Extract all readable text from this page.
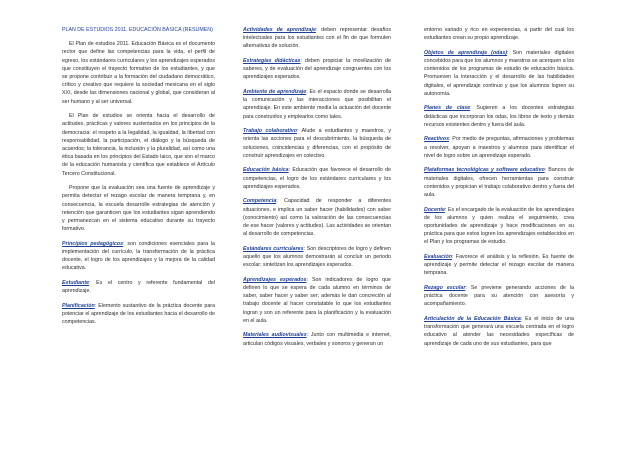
PLAN DE ESTUDIOS 2011. EDUCACIÓN BÁSICA (RESUMEN)

El Plan de estudios 2011. Educación Básica es el documento rector que define las competencias para la vida, el perfil de egreso, los estándares curriculares y los aprendizajes esperados que constituyen el trayecto formativo de los estudiantes, y que se propone contribuir a la formación del ciudadano democrático, crítico y creativo que requiere la sociedad mexicana en el siglo XXI, desde las dimensiones nacional y global, que consideran al ser humano y al ser universal.

El Plan de estudios se orienta hacia el desarrollo de actitudes, prácticas y valores sustentados en los principios de la democracia: el respeto a la legalidad, la igualdad, la libertad con responsabilidad, la participación, el diálogo y la búsqueda de acuerdos; la tolerancia, la inclusión y la pluralidad, así como una ética basada en los principios del Estado laico, que son el marco de la educación humanista y científica que establece el Artículo Tercero Constitucional.

Propone que la evaluación sea una fuente de aprendizaje y permita detectar el rezago escolar de manera temprana y, en consecuencia, la escuela desarrolle estrategias de atención y retención que garanticen que los estudiantes sigan aprendiendo y permanezcan en el sistema educativo durante su trayecto formativo.

Principios pedagógicos: son condiciones esenciales para la implementación del currículo, la transformación de la práctica docente, el logro de los aprendizajes y la mejora de la calidad educativa.

Estudiante: Es el centro y referente fundamental del aprendizaje.

Planificación: Elemento sustantivo de la práctica docente para potenciar el aprendizaje de los estudiantes hacia el desarrollo de competencias.

Actividades de aprendizaje: deben representar desafíos intelectuales para los estudiantes con el fin de que formulen alternativas de solución.

Estrategias didácticas: deben propiciar la movilización de saberes, y de evaluación del aprendizaje congruentes con los aprendizajes esperados.

Ambiente de aprendizaje: Es el espacio donde se desarrolla la comunicación y las interacciones que posibilitan el aprendizaje. En este ambiente media la actuación del docente para construirlos y emplearlos como tales.

Trabajo colaborativo: Alude a estudiantes y maestros, y orienta las acciones para el descubrimiento, la búsqueda de soluciones, coincidencias y diferencias, con el propósito de construir aprendizajes en colectivo.

Educación básica: Educación que favorece el desarrollo de competencias, el logro de los estándares curriculares y los aprendizajes esperados.

Competencia: Capacidad de responder a diferentes situaciones, e implica un saber hacer (habilidades) con saber (conocimiento) así como la valoración de las consecuencias de ese hacer (valores y actitudes). Las actividades se orientan al desarrollo de competencias.

Estándares curriculares: Son descriptores de logro y definen aquello que los alumnos demostrarán al concluir un periodo escolar; sintetizan los aprendizajes esperados.

Aprendizajes esperados: Son indicadores de logro que definen lo que se espera de cada alumno en términos de saber, saber hacer y saber ser; además le dan concreción al trabajo docente al hacer constatable lo que los estudiantes logran y son un referente para la planificación y la evaluación en el aula.

Materiales audiovisuales: Junto con multimedia e internet, articulan códigos visuales, verbales y sonoros y generan un

entorno variado y rico en experiencias, a partir del cual los estudiantes crean su propio aprendizaje.

Objetos de aprendizaje (odas): Son materiales digitales concebidos para que los alumnos y maestros se acerquen a los contenidos de los programas de estudio de educación básica. Promueven la interacción y el desarrollo de las habilidades digitales, el aprendizaje continuo y que los alumnos logren su autonomía.

Planes de clase: Sugieren a los docentes estrategias didácticas que incorporan los odas, los libros de texto y demás recursos existentes dentro y fuera del aula.

Reactivos: Por medio de preguntas, afirmaciones y problemas a resolver, apoyan a maestros y alumnos para identificar el nivel de logro sobre un aprendizaje esperado.

Plataformas tecnológicas y software educativo: Bancos de materiales digitales, ofrecen herramientas para construir contenidos y propician el trabajo colaborativo dentro y fuera del aula.

Docente: Es el encargado de la evaluación de los aprendizajes de los alumnos y quien realiza el seguimiento, crea oportunidades de aprendizaje y hace modificaciones en su práctica para que estos logren los aprendizajes establecidos en el Plan y los programas de estudio.

Evaluación: Favorece el análisis y la reflexión. Es fuente de aprendizaje y permite detectar el rezago escolar de manera temprana.

Rezago escolar: Se previene generando acciones de la práctica docente para su atención con asesoría y acompañamiento.

Articulación de la Educación Básica: Es el inicio de una transformación que generará una escuela centrada en el logro educativo al atender las necesidades específicas de aprendizaje de cada uno de sus estudiantes, para que
